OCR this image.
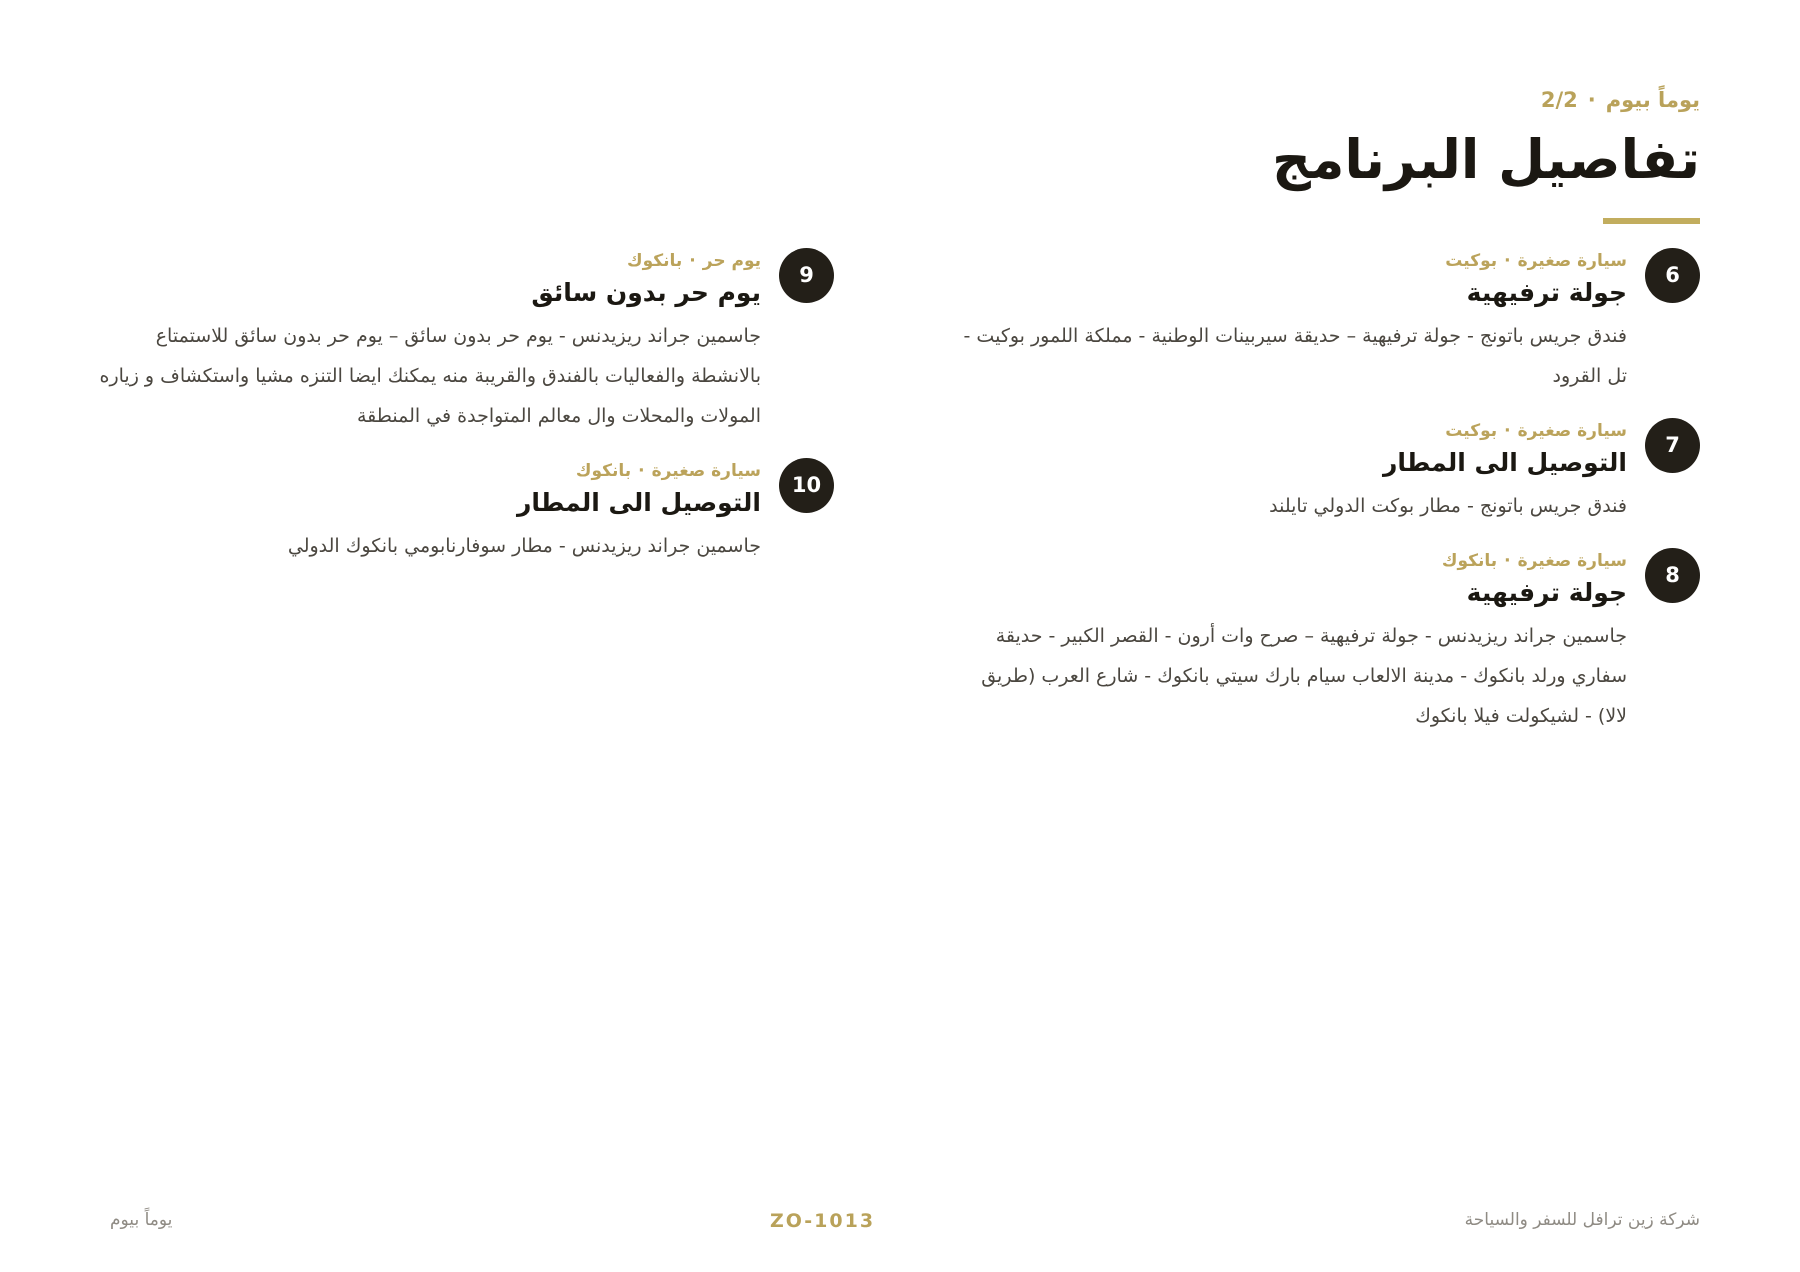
يوماً بيوم·2/2
تفاصيل البرنامج
6
سيارة صغيرة·بوكيت
جولة ترفيهية
فندق جريس باتونج - جولة ترفيهية – حديقة سيربينات الوطنية - مملكة اللمور بوكيت - تل القرود
7
سيارة صغيرة·بوكيت
التوصيل الى المطار
فندق جريس باتونج - مطار بوكت الدولي تايلند
8
سيارة صغيرة·بانكوك
جولة ترفيهية
جاسمين جراند ريزيدنس - جولة ترفيهية – صرح وات أرون - القصر الكبير - حديقة سفاري ورلد بانكوك - مدينة الالعاب سيام بارك سيتي بانكوك - شارع العرب (طريق لالا) - لشيكولت فيلا بانكوك
9
يوم حر·بانكوك
يوم حر بدون سائق
جاسمين جراند ريزيدنس - يوم حر بدون سائق – يوم حر بدون سائق للاستمتاع بالانشطة والفعاليات بالفندق والقريبة منه يمكنك ايضا التنزه مشيا واستكشاف و زياره المولات والمحلات وال معالم المتواجدة في المنطقة
10
سيارة صغيرة·بانكوك
التوصيل الى المطار
جاسمين جراند ريزيدنس - مطار سوفارنابومي بانكوك الدولي
شركة زين ترافل للسفر والسياحة
ZO-1013
يوماً بيوم
